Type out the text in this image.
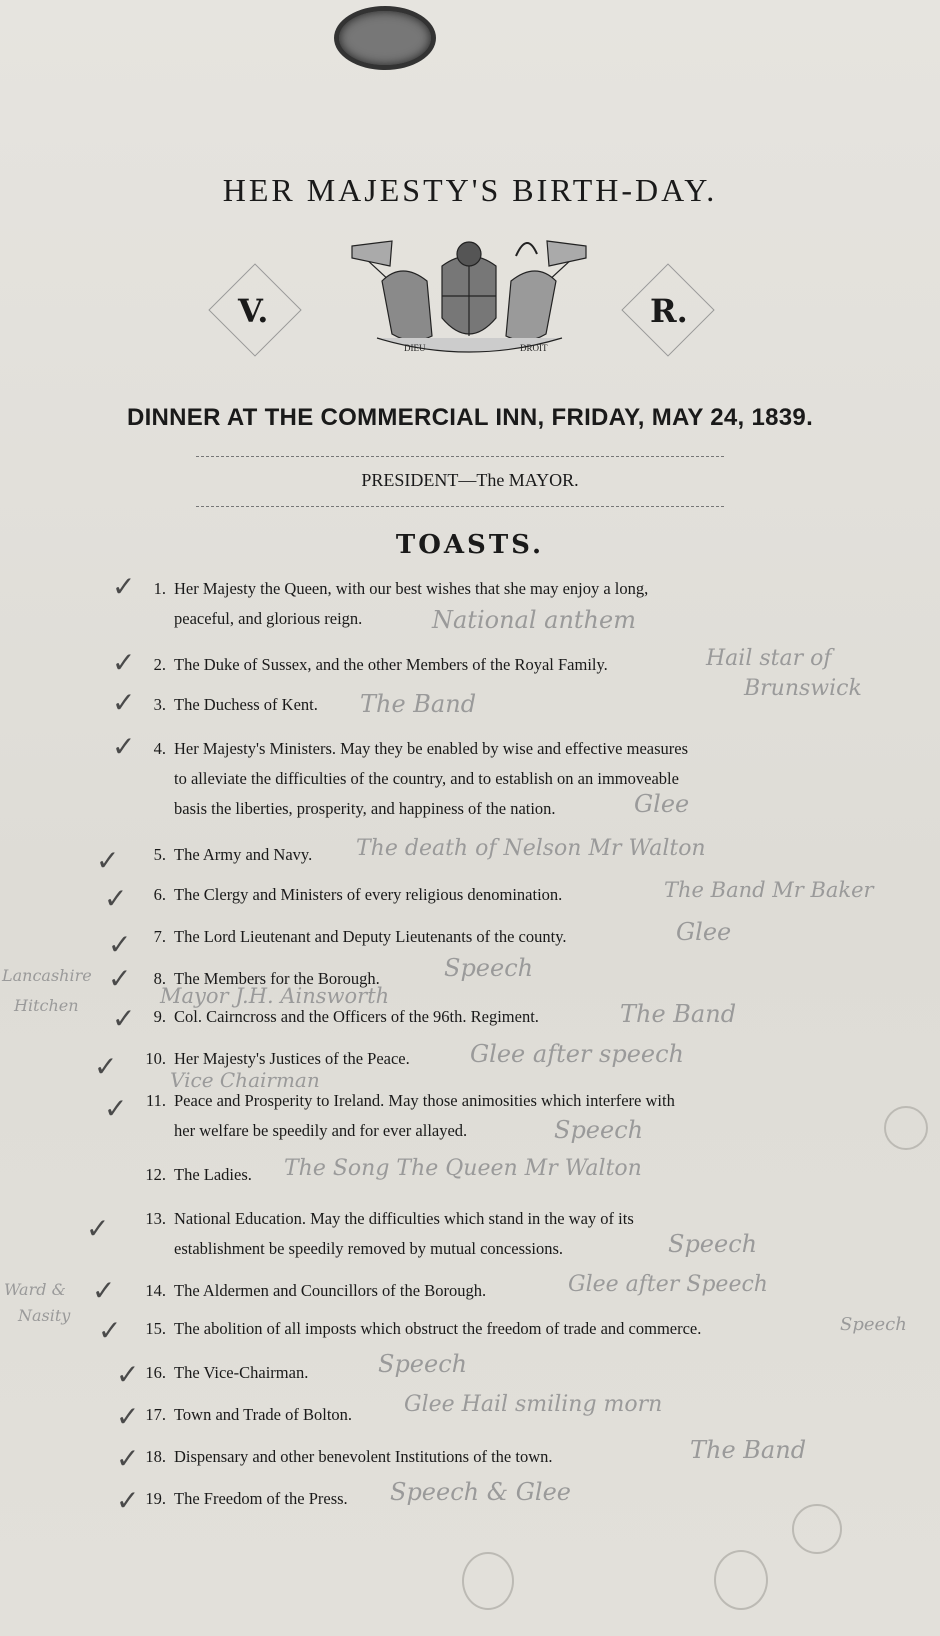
HER MAJESTY'S BIRTH-DAY.
V.	R.
DIEU	DROIT
DINNER AT THE COMMERCIAL INN, FRIDAY, MAY 24, 1839.
PRESIDENT—The MAYOR.
TOASTS.
1. Her Majesty the Queen, with our best wishes that she may enjoy a long,
peaceful, and glorious reign.
2. The Duke of Sussex, and the other Members of the Royal Family.
3. The Duchess of Kent.
4. Her Majesty's Ministers. May they be enabled by wise and effective measures
to alleviate the difficulties of the country, and to establish on an immoveable
basis the liberties, prosperity, and happiness of the nation.
5. The Army and Navy.
6. The Clergy and Ministers of every religious denomination.
7. The Lord Lieutenant and Deputy Lieutenants of the county.
8. The Members for the Borough.
9. Col. Cairncross and the Officers of the 96th. Regiment.
10. Her Majesty's Justices of the Peace.
11. Peace and Prosperity to Ireland. May those animosities which interfere with
her welfare be speedily and for ever allayed.
12. The Ladies.
13. National Education. May the difficulties which stand in the way of its
establishment be speedily removed by mutual concessions.
14. The Aldermen and Councillors of the Borough.
15. The abolition of all imposts which obstruct the freedom of trade and commerce.
16. The Vice-Chairman.
17. Town and Trade of Bolton.
18. Dispensary and other benevolent Institutions of the town.
19. The Freedom of the Press.
✓
✓
✓
✓
✓
✓
✓
✓
✓
✓
✓
✓
✓
✓
✓
✓
✓
✓
National anthem
Hail star of
Brunswick
The Band
Glee
The death of Nelson Mr Walton
The Band Mr Baker
Glee
Speech
Mayor J.H. Ainsworth
The Band
Glee after speech
Vice Chairman
Speech
The Song The Queen Mr Walton
Speech
Glee after Speech
Speech
Speech
Glee Hail smiling morn
The Band
Speech & Glee
Lancashire
Hitchen
Ward &
Nasity
